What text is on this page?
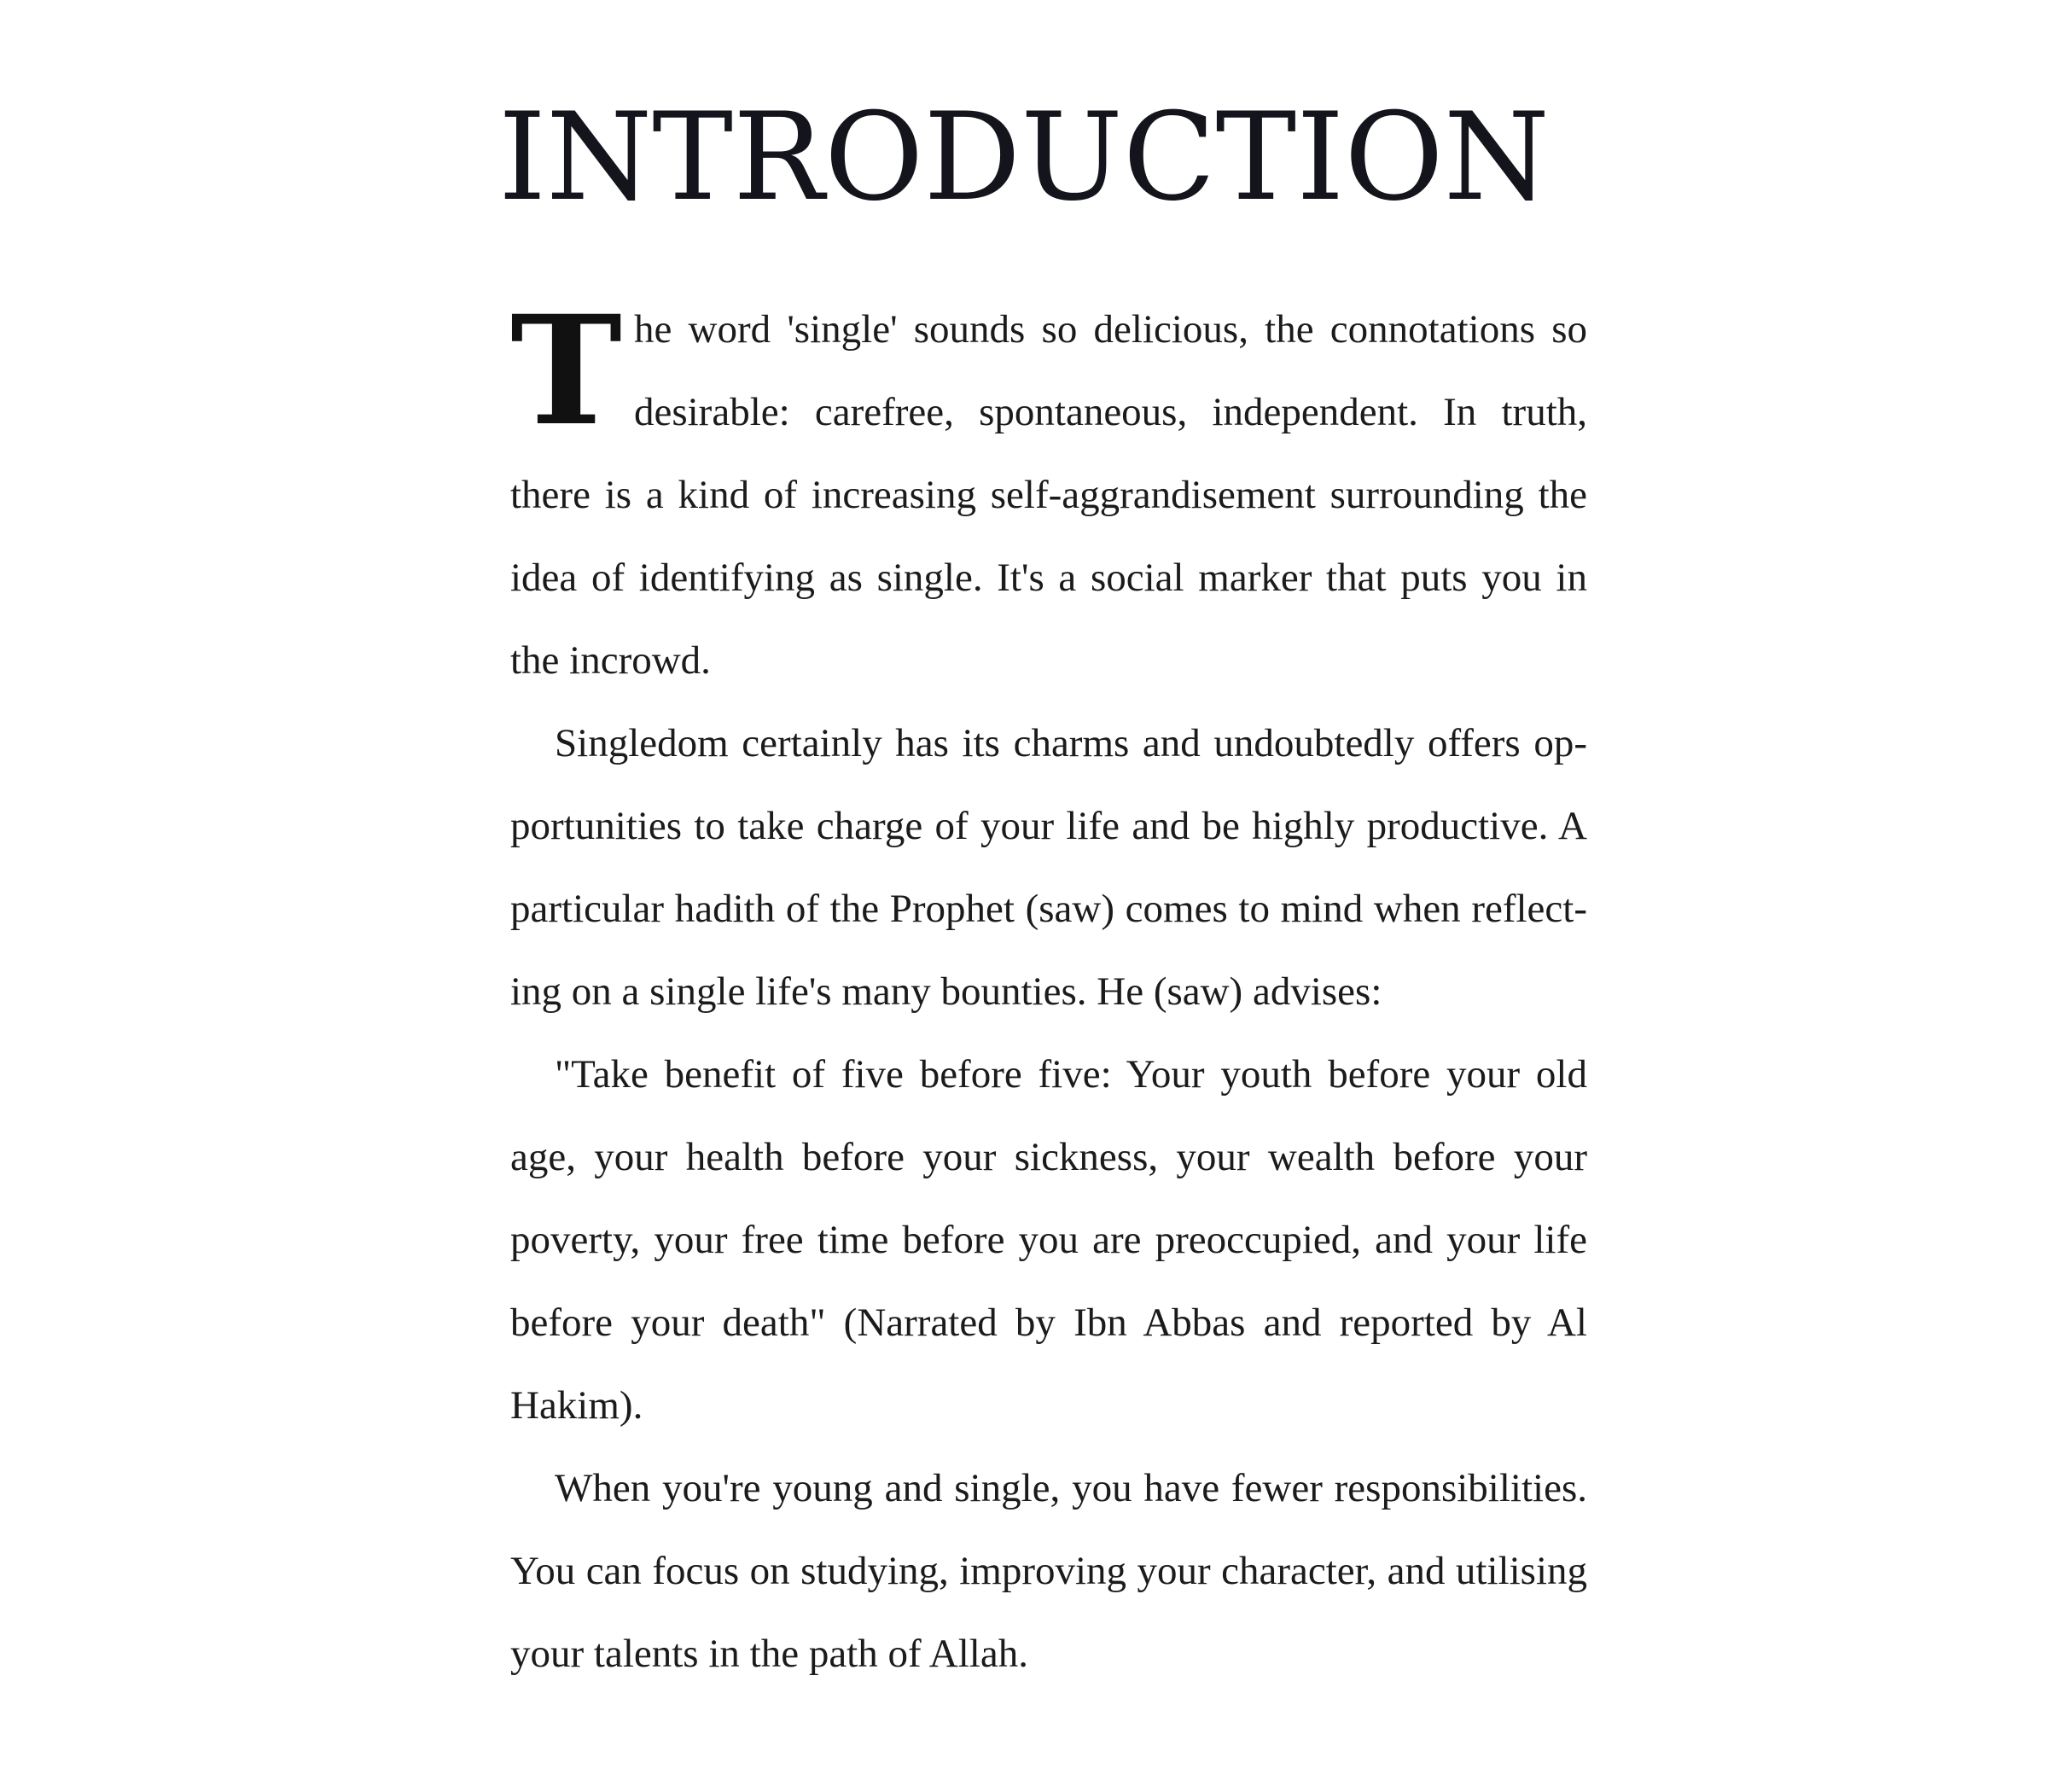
INTRODUCTION

The word 'single' sounds so delicious, the connotations so desirable: carefree, spontaneous, independent. In truth, there is a kind of increasing self-aggrandisement surrounding the idea of identifying as single. It's a social marker that puts you in the incrowd.

Singledom certainly has its charms and undoubtedly offers opportunities to take charge of your life and be highly productive. A particular hadith of the Prophet (saw) comes to mind when reflecting on a single life's many bounties. He (saw) advises:

"Take benefit of five before five: Your youth before your old age, your health before your sickness, your wealth before your poverty, your free time before you are preoccupied, and your life before your death" (Narrated by Ibn Abbas and reported by Al Hakim).

When you're young and single, you have fewer responsibilities. You can focus on studying, improving your character, and utilising your talents in the path of Allah.
